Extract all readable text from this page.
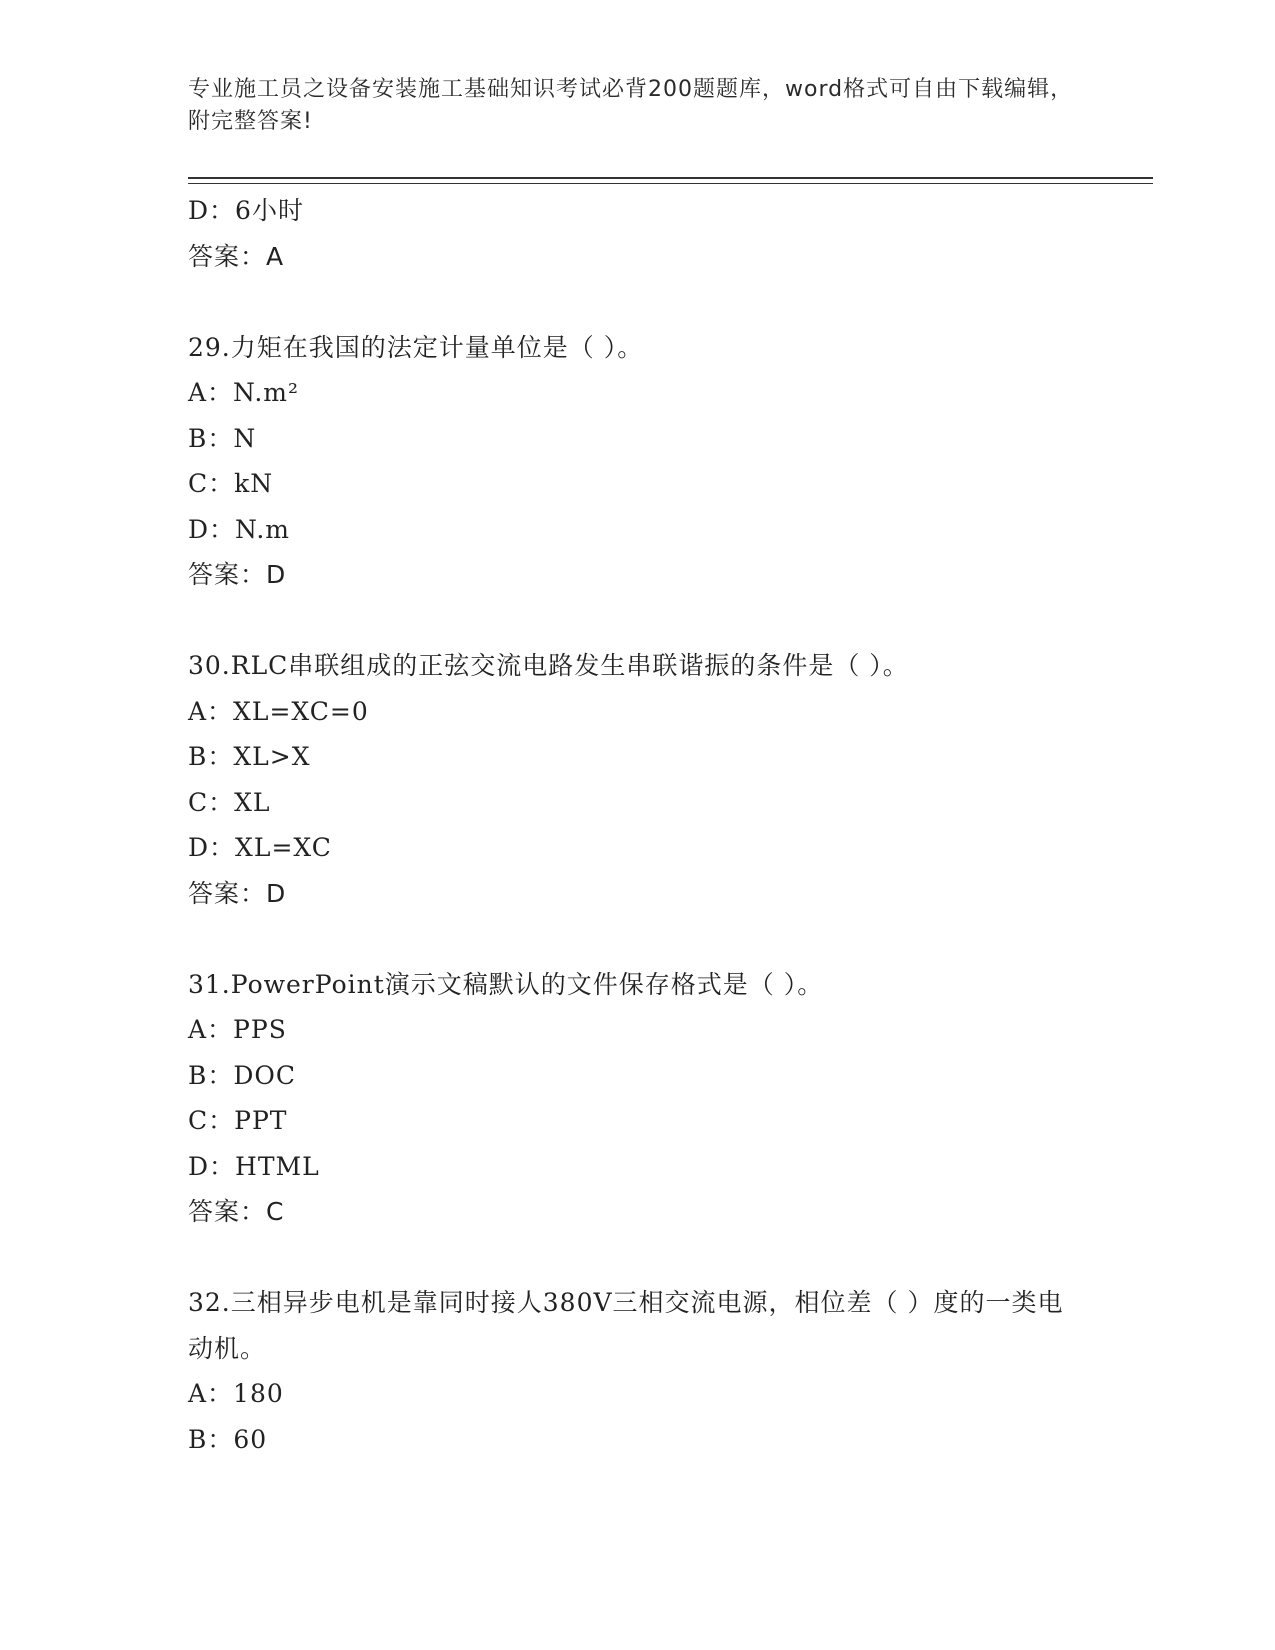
专业施工员之设备安装施工基础知识考试必背200题题库，word格式可自由下载编辑，附完整答案!
D：6小时
答案：A
29.力矩在我国的法定计量单位是（ ）。
A：N.m²
B：N
C：kN
D：N.m
答案：D
30.RLC串联组成的正弦交流电路发生串联谐振的条件是（ ）。
A：XL=XC=0
B：XL>X
C：XL
D：XL=XC
答案：D
31.PowerPoint演示文稿默认的文件保存格式是（ ）。
A：PPS
B：DOC
C：PPT
D：HTML
答案：C
32.三相异步电机是靠同时接人380V三相交流电源，相位差（ ）度的一类电动机。
A：180
B：60
